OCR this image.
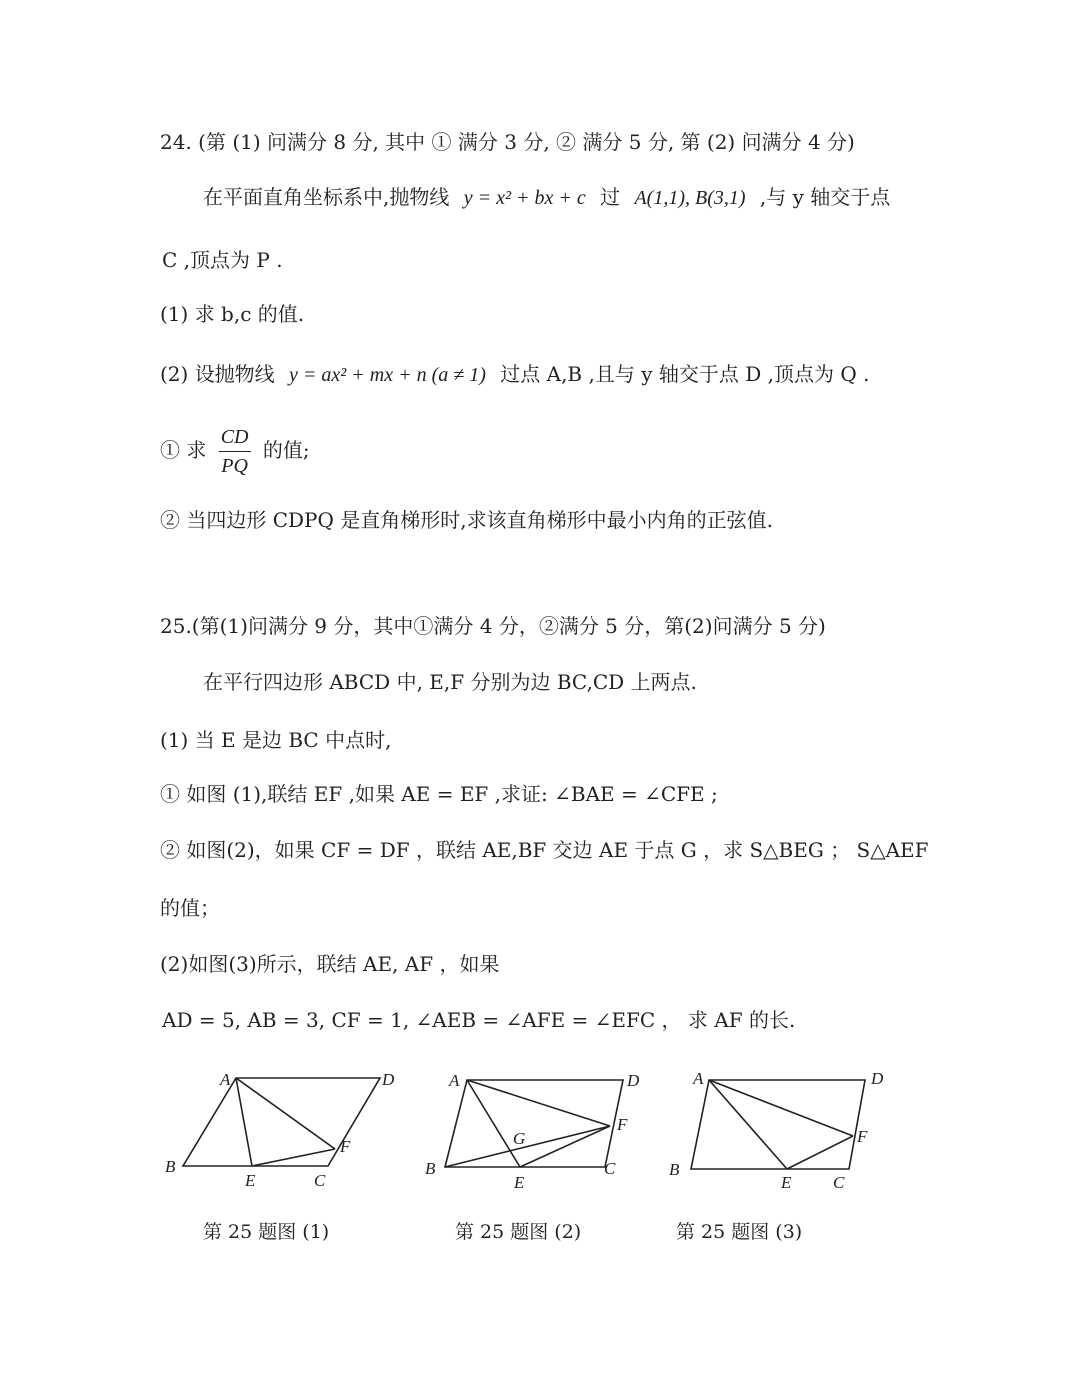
24. (第 (1) 问满分 8 分, 其中 ① 满分 3 分, ② 满分 5 分, 第 (2) 问满分 4 分)
在平面直角坐标系中,抛物线 y = x² + bx + c 过 A(1,1), B(3,1) ,与 y 轴交于点
C ,顶点为 P .
(1) 求 b,c 的值.
(2) 设抛物线 y = ax² + mx + n (a ≠ 1) 过点 A,B ,且与 y 轴交于点 D ,顶点为 Q .
① 求 $\frac{CD}{PQ}$ 的值;
② 当四边形 CDPQ 是直角梯形时,求该直角梯形中最小内角的正弦值.
25.(第(1)问满分 9 分，其中①满分 4 分，②满分 5 分，第(2)问满分 5 分)
在平行四边形 ABCD 中, E,F 分别为边 BC,CD 上两点.
(1) 当 E 是边 BC 中点时,
① 如图 (1),联结 EF ,如果 AE = EF ,求证: ∠BAE = ∠CFE ;
② 如图(2)，如果 CF = DF ，联结 AE,BF 交边 AE 于点 G ，求 S△BEG ； S△AEF
的值；
(2)如图(3)所示，联结 AE, AF ，如果
AD = 5, AB = 3, CF = 1, ∠AEB = ∠AFE = ∠EFC ， 求 AF 的长.
A	D
B
E	C
F
A	D
B
E
C
F
G
A	D
B
E C
F
第 25 题图 (1)	第 25 题图 (2)	第 25 题图 (3)
